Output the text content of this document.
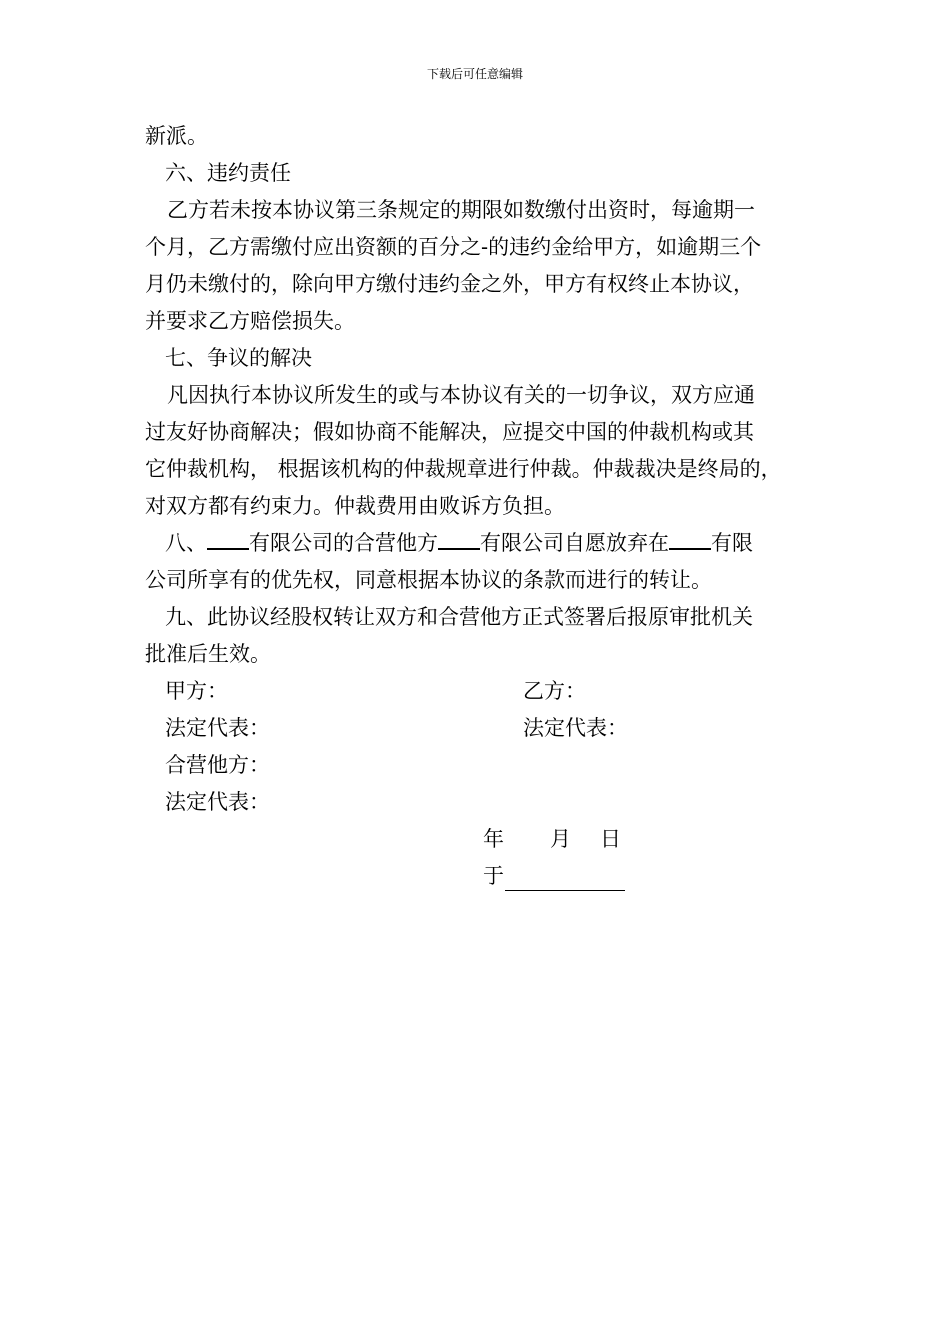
下载后可任意编辑
新派。
六、违约责任
乙方若未按本协议第三条规定的期限如数缴付出资时，每逾期一
个月，乙方需缴付应出资额的百分之-的违约金给甲方，如逾期三个
月仍未缴付的，除向甲方缴付违约金之外，甲方有权终止本协议，
并要求乙方赔偿损失。
七、争议的解决
凡因执行本协议所发生的或与本协议有关的一切争议，双方应通
过友好协商解决；假如协商不能解决，应提交中国的仲裁机构或其
它仲裁机构， 根据该机构的仲裁规章进行仲裁。仲裁裁决是终局的，
对双方都有约束力。仲裁费用由败诉方负担。
八、 有限公司的合营他方 有限公司自愿放弃在 有限
公司所享有的优先权，同意根据本协议的条款而进行的转让。
九、此协议经股权转让双方和合营他方正式签署后报原审批机关
批准后生效。
甲方：	乙方：
法定代表：	法定代表：
合营他方：
法定代表：
年 月 日
于
